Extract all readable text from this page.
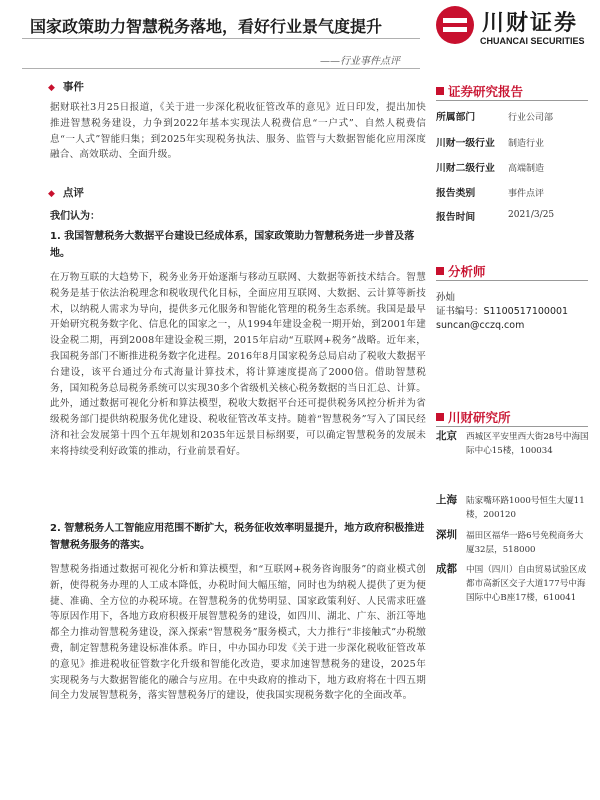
国家政策助力智慧税务落地，看好行业景气度提升
——行业事件点评
川财证券
CHUANCAI SECURITIES
◆ 事件
据财联社3月25日报道，《关于进一步深化税收征管改革的意见》近日印发，提出加快推进智慧税务建设，力争到2022年基本实现法人税费信息“一户式”、自然人税费信息“一人式”智能归集；到2025年实现税务执法、服务、监管与大数据智能化应用深度融合、高效联动、全面升级。
◆ 点评
我们认为：
1. 我国智慧税务大数据平台建设已经成体系，国家政策助力智慧税务进一步普及落地。
在万物互联的大趋势下，税务业务开始逐渐与移动互联网、大数据等新技术结合。智慧税务是基于依法治税理念和税收现代化目标，全面应用互联网、大数据、云计算等新技术，以纳税人需求为导向，提供多元化服务和智能化管理的税务生态系统。我国是最早开始研究税务数字化、信息化的国家之一，从1994年建设金税一期开始，到2001年建设金税二期，再到2008年建设金税三期，2015年启动“互联网+税务”战略。近年来，我国税务部门不断推进税务数字化进程。2016年8月国家税务总局启动了税收大数据平台建设，该平台通过分布式海量计算技术，将计算速度提高了2000倍。借助智慧税务，国知税务总局税务系统可以实现30多个省级机关核心税务数据的当日汇总、计算。此外，通过数据可视化分析和算法模型，税收大数据平台还可提供税务风控分析并为省级税务部门提供纳税服务优化建设、税收征管改革支持。随着“智慧税务”写入了国民经济和社会发展第十四个五年规划和2035年远景目标纲要，可以确定智慧税务的发展未来将持续受利好政策的推动，行业前景看好。
2. 智慧税务人工智能应用范围不断扩大，税务征收效率明显提升，地方政府积极推进智慧税务服务的落实。
智慧税务指通过数据可视化分析和算法模型，和“互联网+税务咨询服务”的商业模式创新，使得税务办理的人工成本降低，办税时间大幅压缩，同时也为纳税人提供了更为便捷、准确、全方位的办税环境。在智慧税务的优势明显、国家政策利好、人民需求旺盛等原因作用下，各地方政府积极开展智慧税务的建设，如四川、湖北、广东、浙江等地都全力推动智慧税务建设，深入探索“智慧税务”服务模式，大力推行“非接触式”办税缴费，制定智慧税务建设标准体系。昨日，中办国办印发《关于进一步深化税收征管改革的意见》推进税收征管数字化升级和智能化改造，要求加速智慧税务的建设，2025年实现税务与大数据智能化的融合与应用。在中央政府的推动下，地方政府将在十四五期间全力发展智慧税务，落实智慧税务厅的建设，使我国实现税务数字化的全面改革。
证券研究报告
所属部门	行业公司部
川财一级行业 制造行业
川财二级行业 高端制造
报告类别	事件点评
报告时间	2021/3/25
分析师
孙灿
证书编号：S1100517100001
suncan@cczq.com
川财研究所
北京 西城区平安里西大街28号中海国际中心15楼，100034
上海 陆家嘴环路1000号恒生大厦11楼，200120
深圳 福田区福华一路6号免税商务大厦32层，518000
成都 中国（四川）自由贸易试验区成都市高新区交子大道177号中海国际中心B座17楼，610041
